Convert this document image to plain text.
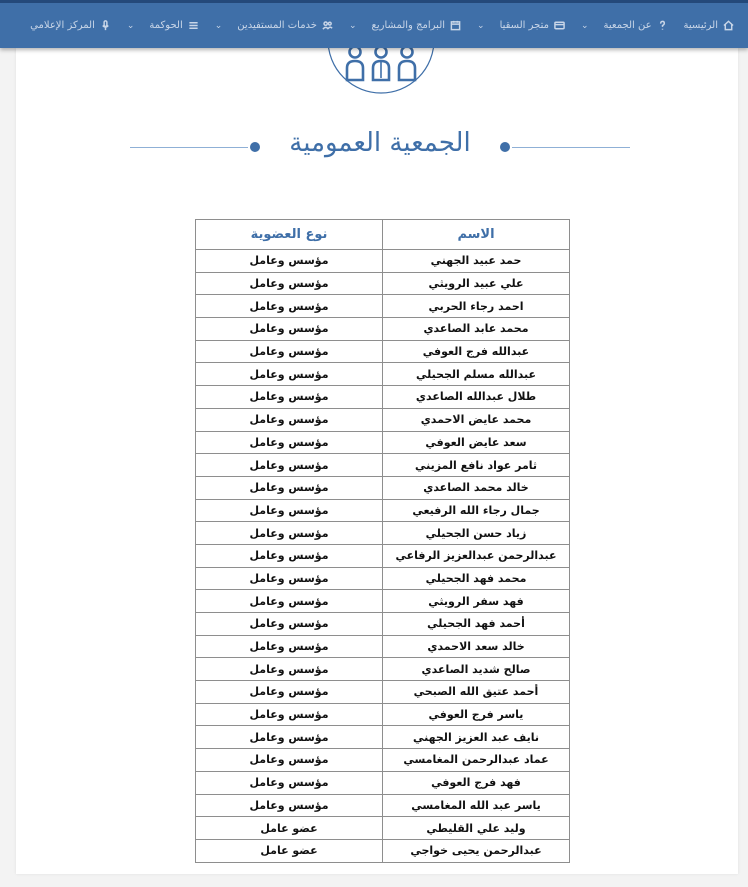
الرئيسية
عن الجمعية
⌄
متجر السقيا
⌄
البرامج والمشاريع
⌄
خدمات المستفيدين
⌄
الحوكمة
⌄
المركز الإعلامي
الجمعية العمومية
الاسم	نوع العضوية
حمد عبيد الجهني	مؤسس وعامل
علي عبيد الرويثي	مؤسس وعامل
احمد رجاء الحربي	مؤسس وعامل
محمد عابد الصاعدي	مؤسس وعامل
عبدالله فرج العوفي	مؤسس وعامل
عبدالله مسلم الجحيلي	مؤسس وعامل
طلال عبدالله الصاعدي	مؤسس وعامل
محمد عايض الاحمدي	مؤسس وعامل
سعد عايض العوفي	مؤسس وعامل
ثامر عواد نافع المزيني	مؤسس وعامل
خالد محمد الصاعدي	مؤسس وعامل
جمال رجاء الله الرفيعي	مؤسس وعامل
زياد حسن الجحيلي	مؤسس وعامل
عبدالرحمن عبدالعزيز الرفاعي	مؤسس وعامل
محمد فهد الجحيلي	مؤسس وعامل
فهد سفر الرويثي	مؤسس وعامل
أحمد فهد الجحيلي	مؤسس وعامل
خالد سعد الاحمدي	مؤسس وعامل
صالح شديد الصاعدي	مؤسس وعامل
أحمد عتيق الله الصبحي	مؤسس وعامل
ياسر فرج العوفي	مؤسس وعامل
نايف عبد العزيز الجهني	مؤسس وعامل
عماد عبدالرحمن المغامسي	مؤسس وعامل
فهد فرج العوفي	مؤسس وعامل
ياسر عبد الله المغامسي	مؤسس وعامل
وليد علي القليطي	عضو عامل
عبدالرحمن يحيى خواجي	عضو عامل
